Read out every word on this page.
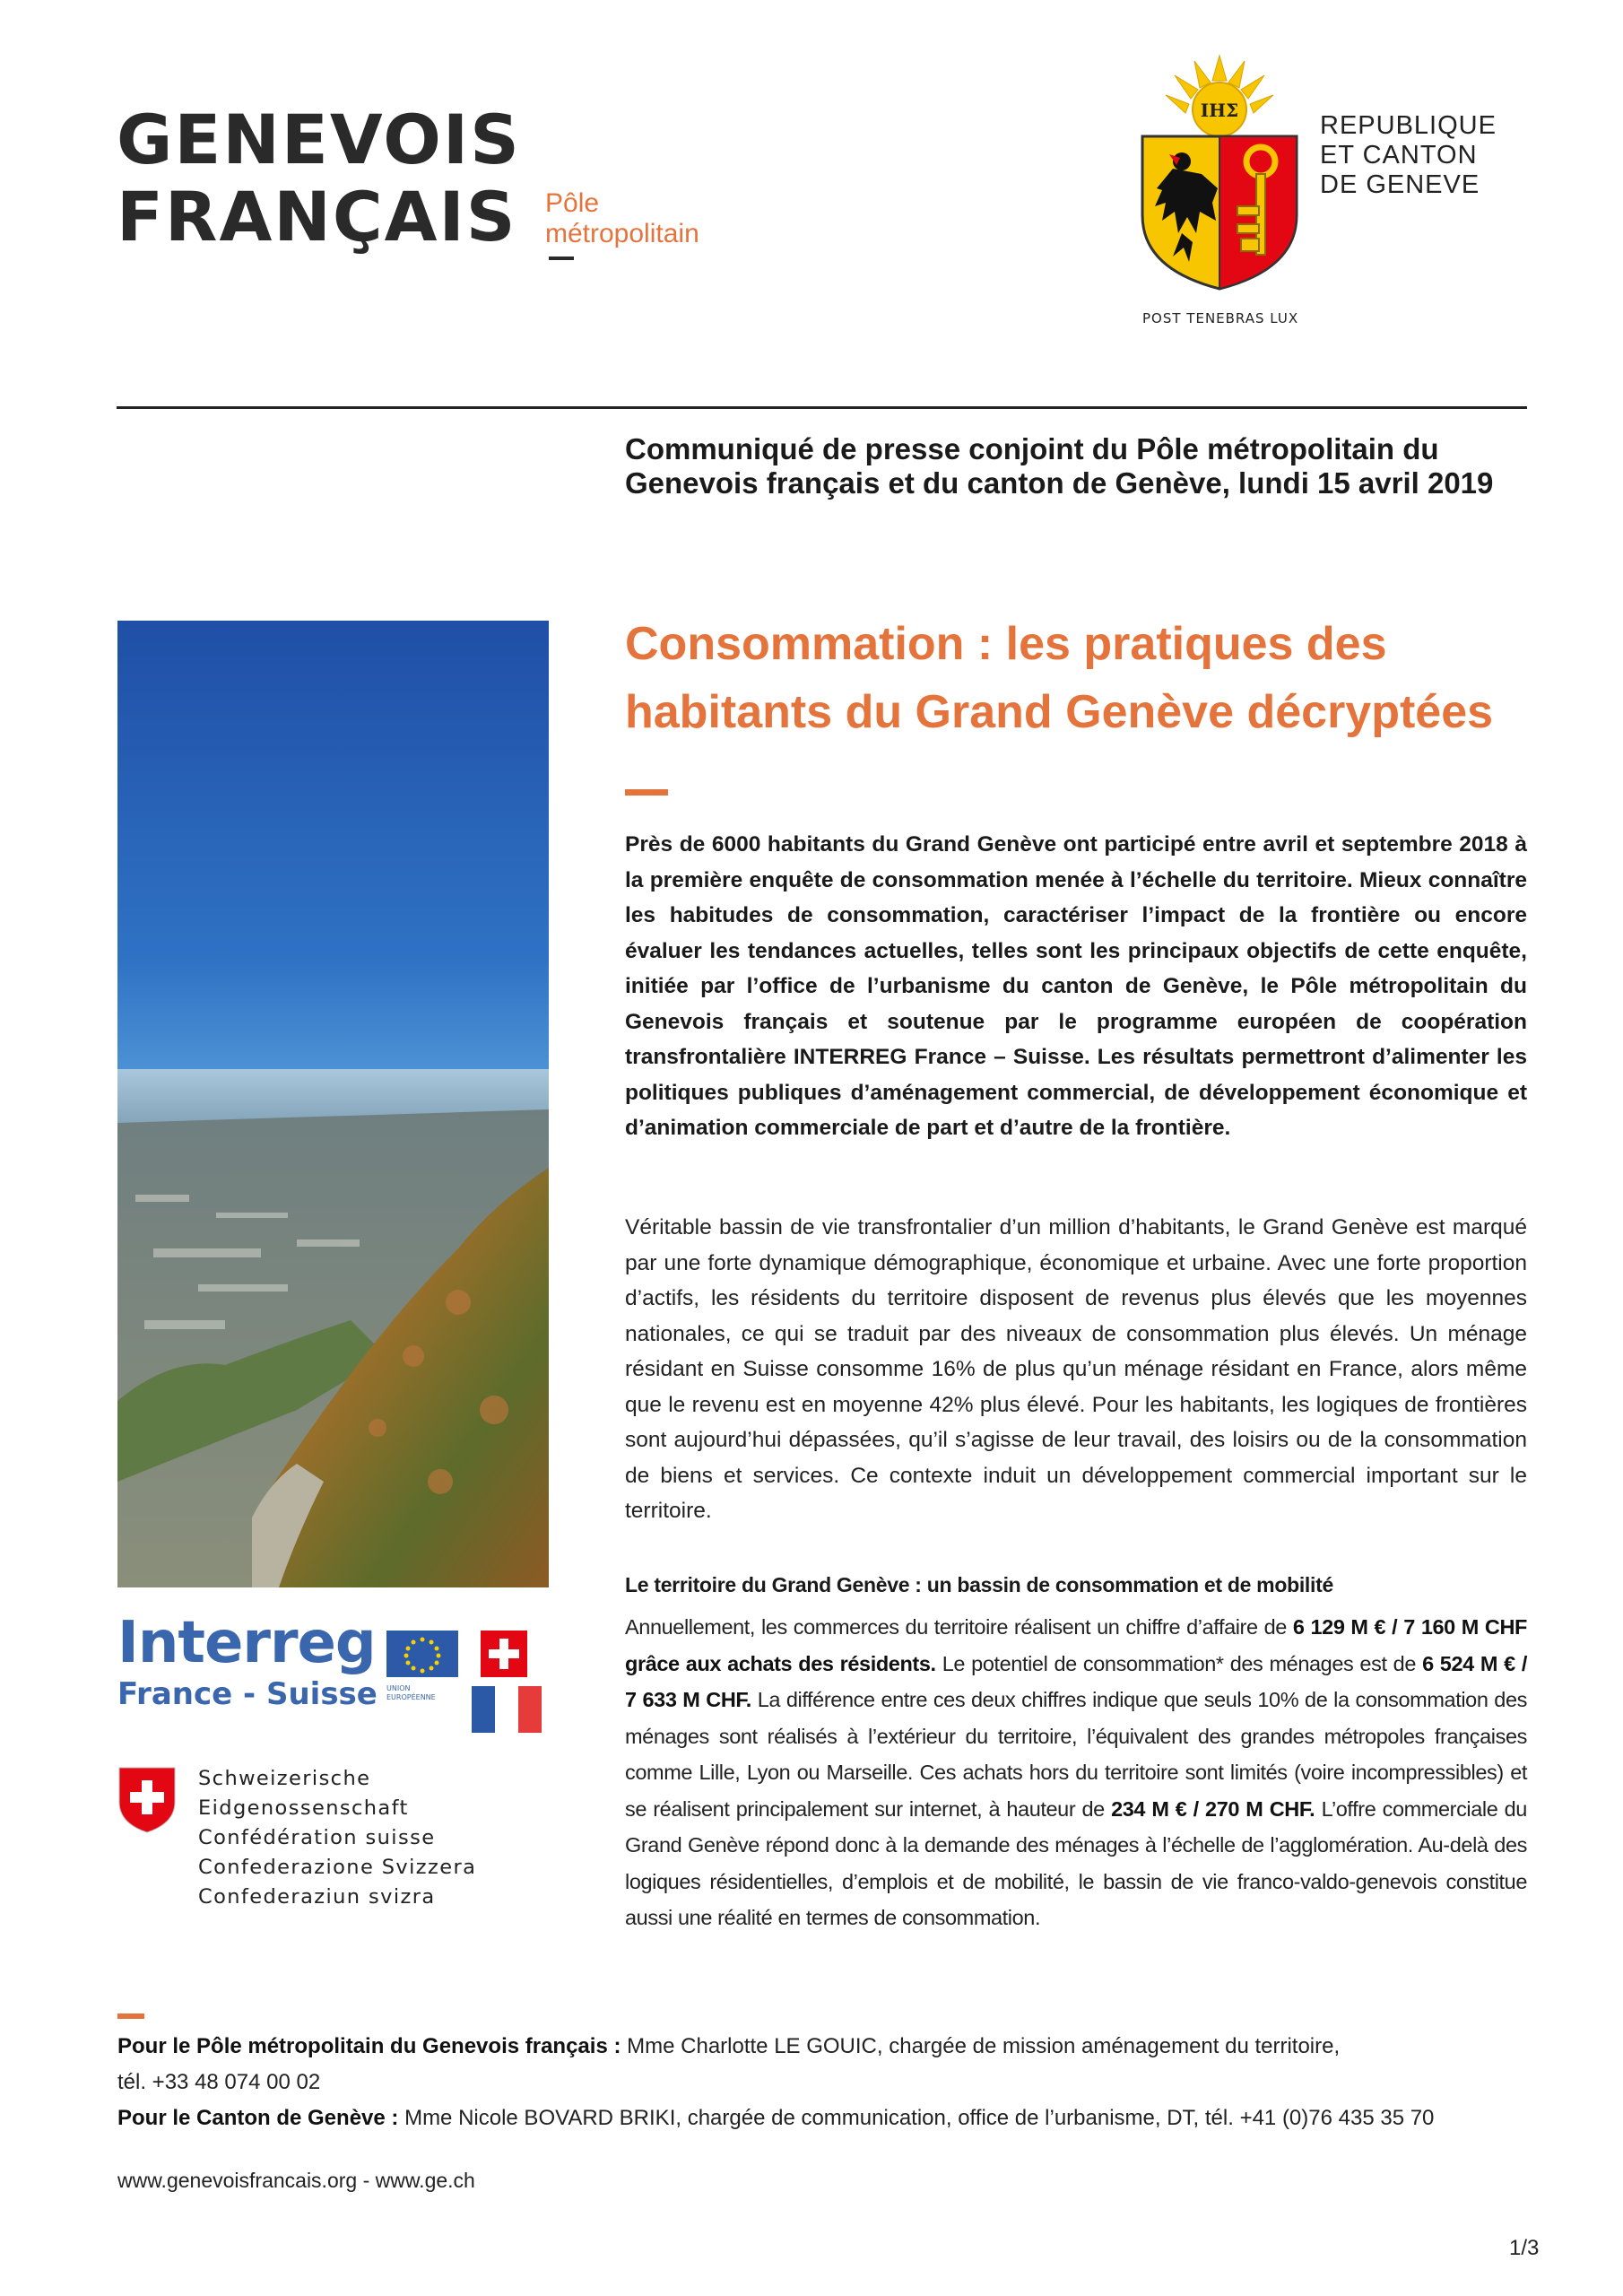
GENEVOIS
FRANÇAIS Pôle
métropolitain
IHΣ
REPUBLIQUE
ET CANTON
DE GENEVE
POST TENEBRAS LUX
Communiqué de presse conjoint du Pôle métropolitain du Genevois français et du canton de Genève, lundi 15 avril 2019
Consommation : les pratiques des habitants du Grand Genève décryptées

Près de 6000 habitants du Grand Genève ont participé entre avril et septembre 2018 à la première enquête de consommation menée à l’échelle du territoire. Mieux connaître les habitudes de consommation, caractériser l’impact de la frontière ou encore évaluer les tendances actuelles, telles sont les principaux objectifs de cette enquête, initiée par l’office de l’urbanisme du canton de Genève, le Pôle métropolitain du Genevois français et soutenue par le programme européen de coopération transfrontalière INTERREG France – Suisse. Les résultats permettront d’alimenter les politiques publiques d’aménagement commercial, de développement économique et d’animation commerciale de part et d’autre de la frontière.

Véritable bassin de vie transfrontalier d’un million d’habitants, le Grand Genève est marqué par une forte dynamique démographique, économique et urbaine. Avec une forte proportion d’actifs, les résidents du territoire disposent de revenus plus élevés que les moyennes nationales, ce qui se traduit par des niveaux de consommation plus élevés. Un ménage résidant en Suisse consomme 16% de plus qu’un ménage résidant en France, alors même que le revenu est en moyenne 42% plus élevé. Pour les habitants, les logiques de frontières sont aujourd’hui dépassées, qu’il s’agisse de leur travail, des loisirs ou de la consommation de biens et services. Ce contexte induit un développement commercial important sur le territoire.

Le territoire du Grand Genève : un bassin de consommation et de mobilité

Annuellement, les commerces du territoire réalisent un chiffre d’affaire de 6 129 M € / 7 160 M CHF grâce aux achats des résidents. Le potentiel de consommation* des ménages est de 6 524 M € / 7 633 M CHF. La différence entre ces deux chiffres indique que seuls 10% de la consommation des ménages sont réalisés à l’extérieur du territoire, l’équivalent des grandes métropoles françaises comme Lille, Lyon ou Marseille. Ces achats hors du territoire sont limités (voire incompressibles) et se réalisent principalement sur internet, à hauteur de 234 M € / 270 M CHF. L’offre commerciale du Grand Genève répond donc à la demande des ménages à l’échelle de l’agglomération. Au-delà des logiques résidentielles, d’emplois et de mobilité, le bassin de vie franco-valdo-genevois constitue aussi une réalité en termes de consommation.

Interreg
France - Suisse UNION
EUROPÉENNE
Schweizerische Eidgenossenschaft
Confédération suisse
Confederazione Svizzera
Confederaziun svizra
Pour le Pôle métropolitain du Genevois français : Mme Charlotte LE GOUIC, chargée de mission aménagement du territoire,
tél. +33 48 074 00 02
Pour le Canton de Genève : Mme Nicole BOVARD BRIKI, chargée de communication, office de l’urbanisme, DT, tél. +41 (0)76 435 35 70
www.genevoisfrancais.org - www.ge.ch
1/3
